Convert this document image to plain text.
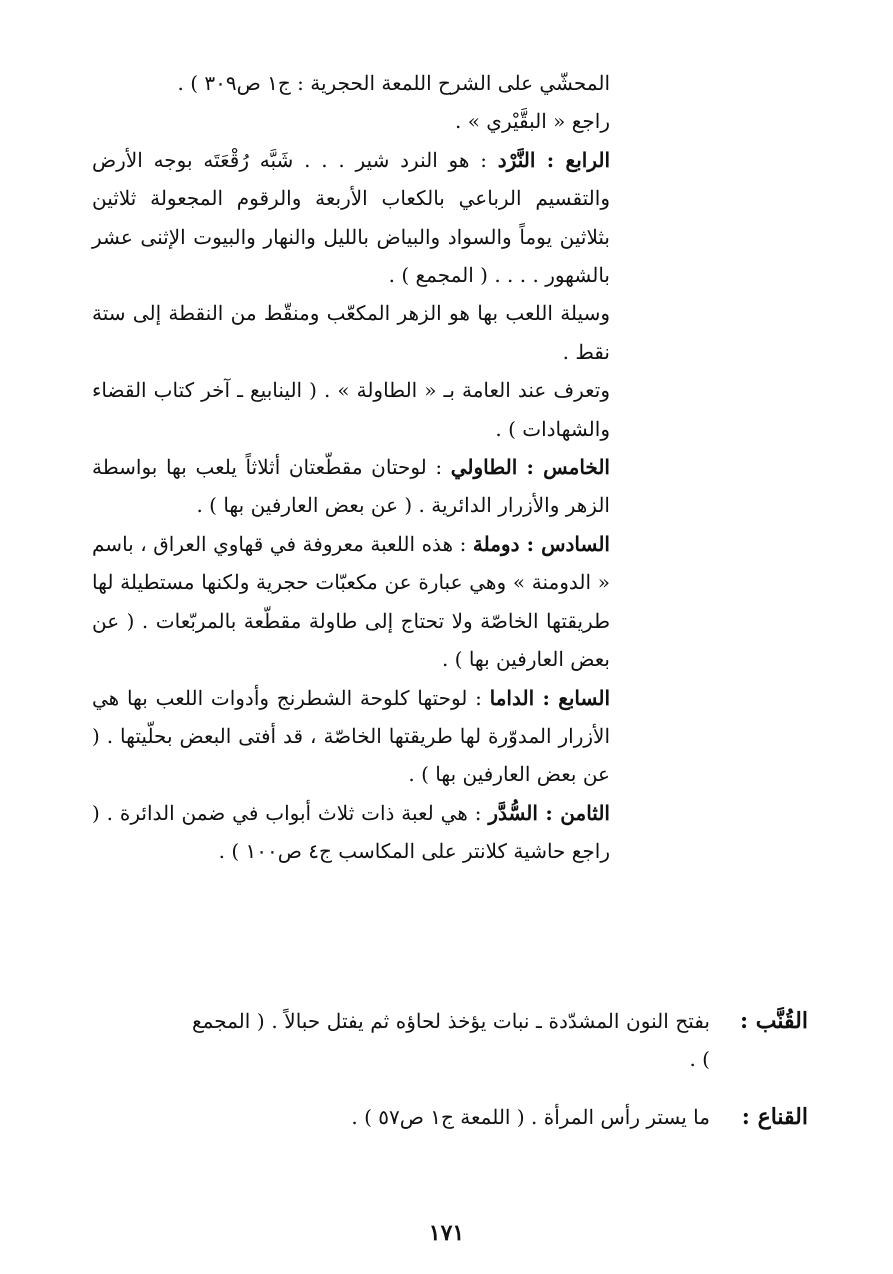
المحشّي على الشرح اللمعة الحجرية : ج١ ص٣٠٩ ) .

راجع « البقَّيْري » .

الرابع : النَّرْد : هو النرد شير . . . شَبَّه رُقْعَتَه بوجه الأرض والتقسيم الرباعي بالكعاب الأربعة والرقوم المجعولة ثلاثين بثلاثين يوماً والسواد والبياض بالليل والنهار والبيوت الإثنى عشر بالشهور . . . . ( المجمع ) .

وسيلة اللعب بها هو الزهر المكعّب ومنقّط من النقطة إلى ستة نقط .

وتعرف عند العامة بـ « الطاولة » . ( الينابيع ـ آخر كتاب القضاء والشهادات ) .

الخامس : الطاولي : لوحتان مقطّعتان أثلاثاً يلعب بها بواسطة الزهر والأزرار الدائرية . ( عن بعض العارفين بها ) .

السادس : دوملة : هذه اللعبة معروفة في قهاوي العراق ، باسم « الدومنة » وهي عبارة عن مكعبّات حجرية ولكنها مستطيلة لها طريقتها الخاصّة ولا تحتاج إلى طاولة مقطّعة بالمربّعات . ( عن بعض العارفين بها ) .

السابع : الداما : لوحتها كلوحة الشطرنج وأدوات اللعب بها هي الأزرار المدوّرة لها طريقتها الخاصّة ، قد أفتى البعض بحلّيتها . ( عن بعض العارفين بها ) .

الثامن : السُّدَّر : هي لعبة ذات ثلاث أبواب في ضمن الدائرة . ( راجع حاشية كلانتر على المكاسب ج٤ ص١٠٠ ) .

القُنَّب :
بفتح النون المشدّدة ـ نبات يؤخذ لحاؤه ثم يفتل حبالاً . ( المجمع ) .
القناع :
ما يستر رأس المرأة . ( اللمعة ج١ ص٥٧ ) .
١٧١
